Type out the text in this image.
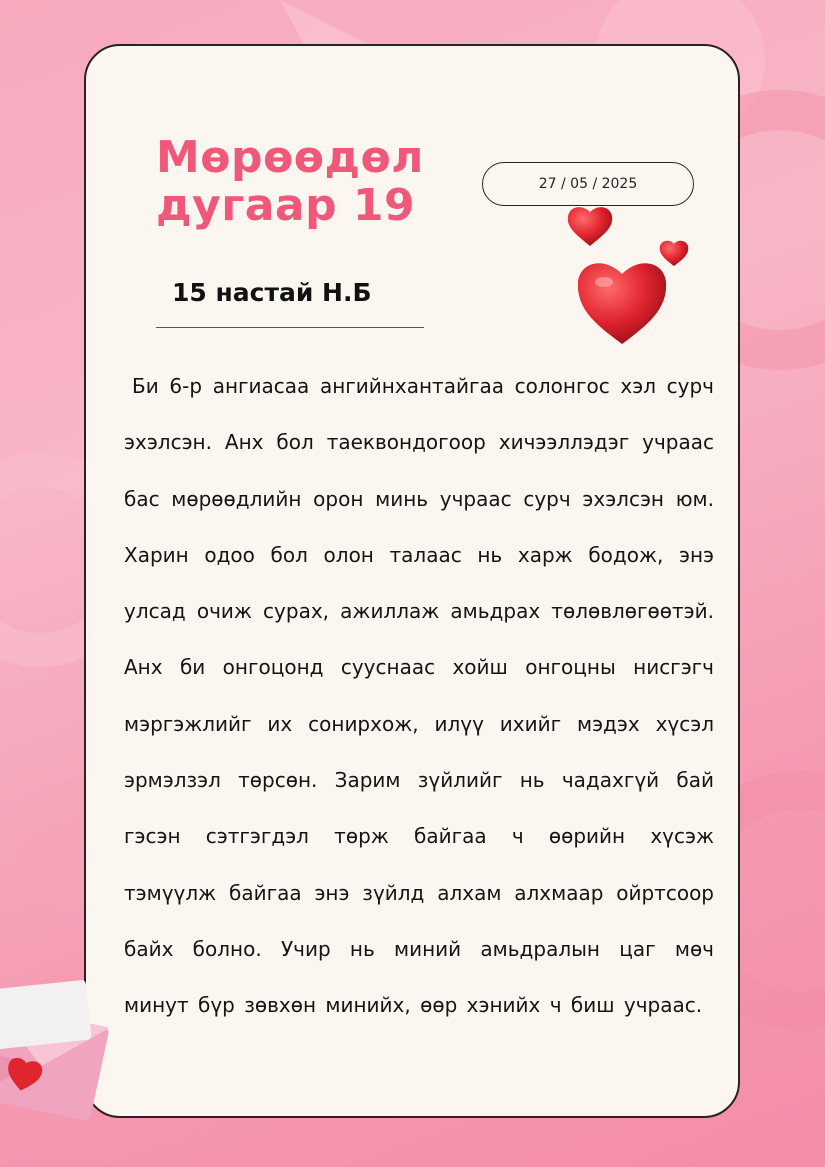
Мөрөөдөл
дугаар 19	27 / 05 / 2025
15 настай Н.Б

Би 6-р ангиасаа ангийнхантайгаа солонгос хэл сурч эхэлсэн. Анх бол таеквондогоор хичээллэдэг учраас бас мөрөөдлийн орон минь учраас сурч эхэлсэн юм. Харин одоо бол олон талаас нь харж бодож, энэ улсад очиж сурах, ажиллаж амьдрах төлөвлөгөөтэй. Анх би онгоцонд сууснаас хойш онгоцны нисгэгч мэргэжлийг их сонирхож, илүү ихийг мэдэх хүсэл эрмэлзэл төрсөн. Зарим зүйлийг нь чадахгүй бай гэсэн сэтгэгдэл төрж байгаа ч өөрийн хүсэж тэмүүлж байгаа энэ зүйлд алхам алхмаар ойртсоор байх болно. Учир нь миний амьдралын цаг мөч минут бүр зөвхөн минийх, өөр хэнийх ч биш учраас.
